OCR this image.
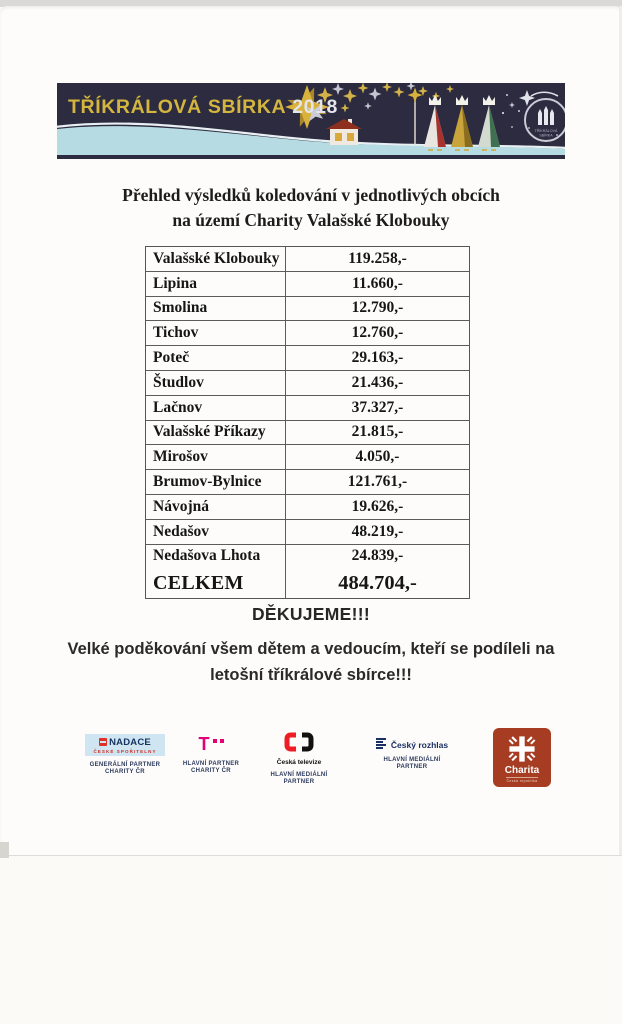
TŘÍKRÁLOVÁ
SBÍRKA
TŘÍKRÁLOVÁ SBÍRKA 2018
Přehled výsledků koledování v jednotlivých obcích
na území Charity Valašské Klobouky
Valašské Klobouky	119.258,-
Lipina	11.660,-
Smolina	12.790,-
Tichov	12.760,-
Poteč	29.163,-
Študlov	21.436,-
Lačnov	37.327,-
Valašské Příkazy	21.815,-
Mirošov	4.050,-
Brumov-Bylnice	121.761,-
Návojná	19.626,-
Nedašov	48.219,-
Nedašova Lhota	24.839,-
CELKEM	484.704,-
DĚKUJEME!!!
Velké poděkování všem dětem a vedoucím, kteří se podíleli na
letošní tříkrálové sbírce!!!
NADACE
ČESKÉ SPOŘITELNY
GENERÁLNÍ PARTNER
CHARITY ČR
T
HLAVNÍ PARTNER
CHARITY ČR
Česká televize
HLAVNÍ MEDIÁLNÍ
PARTNER
Český rozhlas
HLAVNÍ MEDIÁLNÍ
PARTNER	Charita
Česká republika
